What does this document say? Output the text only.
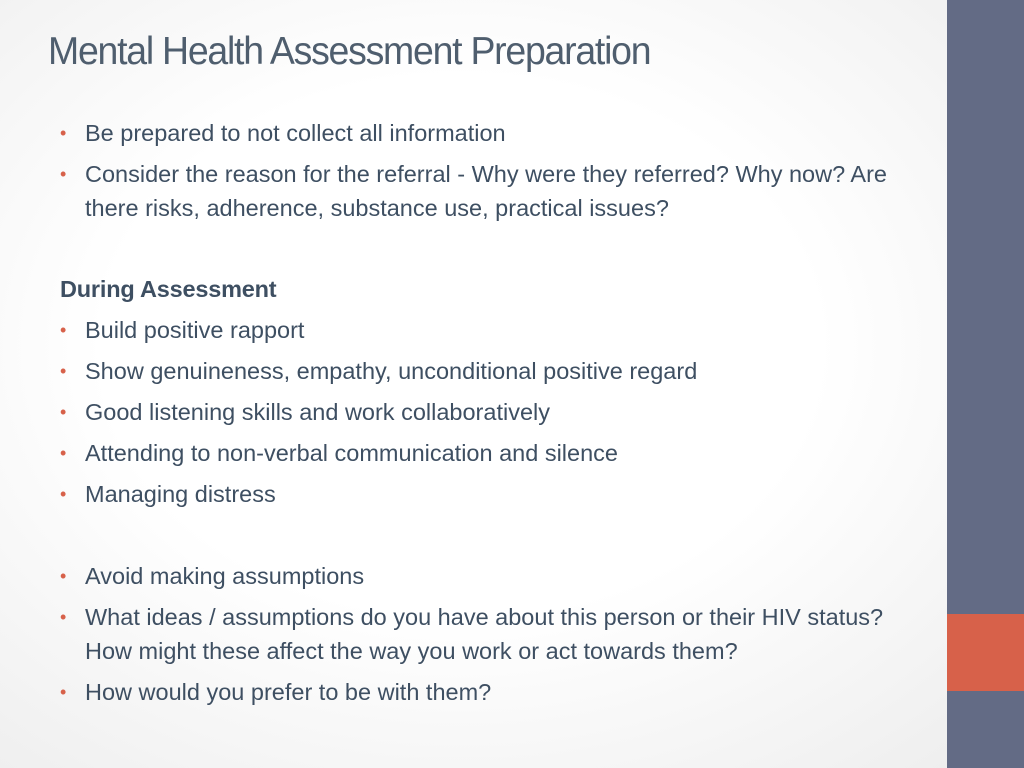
Mental Health Assessment Preparation
• Be prepared to not collect all information
• Consider the reason for the referral - Why were they referred? Why now? Are there risks, adherence, substance use, practical issues?
During Assessment
• Build positive rapport
• Show genuineness, empathy, unconditional positive regard
• Good listening skills and work collaboratively
• Attending to non-verbal communication and silence
• Managing distress
• Avoid making assumptions
• What ideas / assumptions do you have about this person or their HIV status? How might these affect the way you work or act towards them?
• How would you prefer to be with them?
